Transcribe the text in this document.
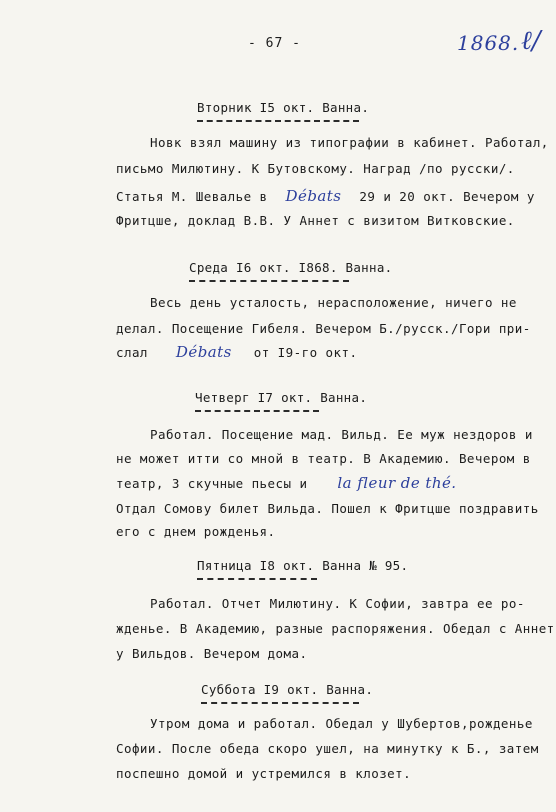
- 67 -	1868. ℓ/
Вторник I5 окт. Ванна.
Новк взял машину из типографии в кабинет. Работал,
письмо Милютину. К Бутовскому. Наград /по русски/.
Статья М. Шевалье в Débats 29 и 20 окт. Вечером у
Фритцше, доклад В.В. У Аннет с визитом Витковские.
Среда I6 окт. I868. Ванна.
Весь день усталость, нерасположение, ничего не
делал. Посещение Гибеля. Вечером Б./русск./Гори при-
слал Débats от I9-го окт.
Четверг I7 окт. Ванна.
Работал. Посещение мад. Вильд. Ее муж нездоров и
не может итти со мной в театр. В Академию. Вечером в
театр, 3 скучные пьесы и la fleur de thé.
Отдал Сомову билет Вильда. Пошел к Фритцше поздравить
его с днем рожденья.
Пятница I8 окт. Ванна № 95.
Работал. Отчет Милютину. К Софии, завтра ее ро-
жденье. В Академию, разные распоряжения. Обедал с Аннет
у Вильдов. Вечером дома.
Суббота I9 окт. Ванна.
Утром дома и работал. Обедал у Шубертов,рожденье
Софии. После обеда скоро ушел, на минутку к Б., затем
поспешно домой и устремился в клозет.
